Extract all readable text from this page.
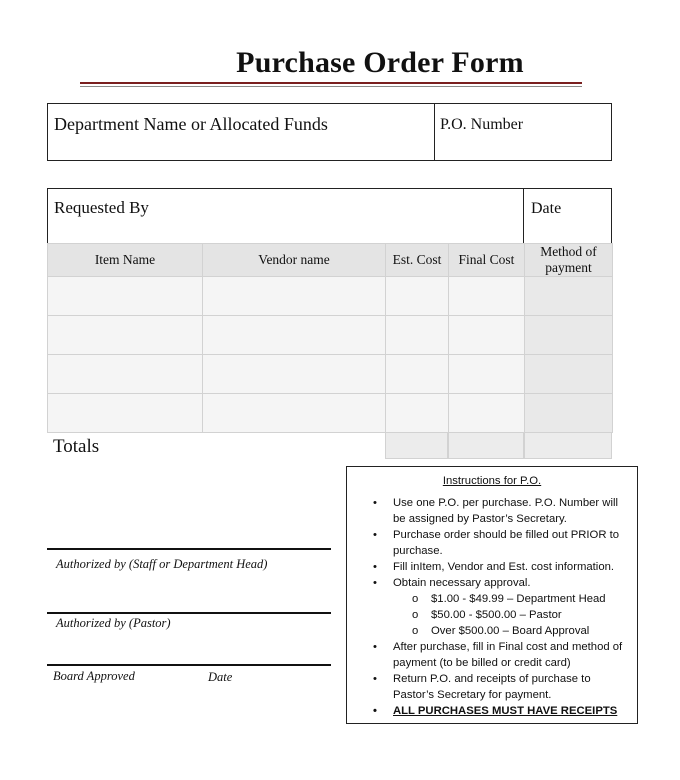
Purchase Order Form
Department Name or Allocated Funds	P.O. Number
Requested By	Date
Item Name	Vendor name	Est. Cost	Final Cost	Method of payment

Totals
Authorized by (Staff or Department Head)
Authorized by (Pastor)
Board Approved	Date
Instructions for P.O.
• Use one P.O. per purchase. P.O. Number will be assigned by Pastor’s Secretary.
• Purchase order should be filled out PRIOR to purchase.
• Fill inItem, Vendor and Est. cost information.
• Obtain necessary approval.
o $1.00 - $49.99 – Department Head
o $50.00 - $500.00 – Pastor
o Over $500.00 – Board Approval
• After purchase, fill in Final cost and method of payment (to be billed or credit card)
• Return P.O. and receipts of purchase to Pastor’s Secretary for payment.
• ALL PURCHASES MUST HAVE RECEIPTS
